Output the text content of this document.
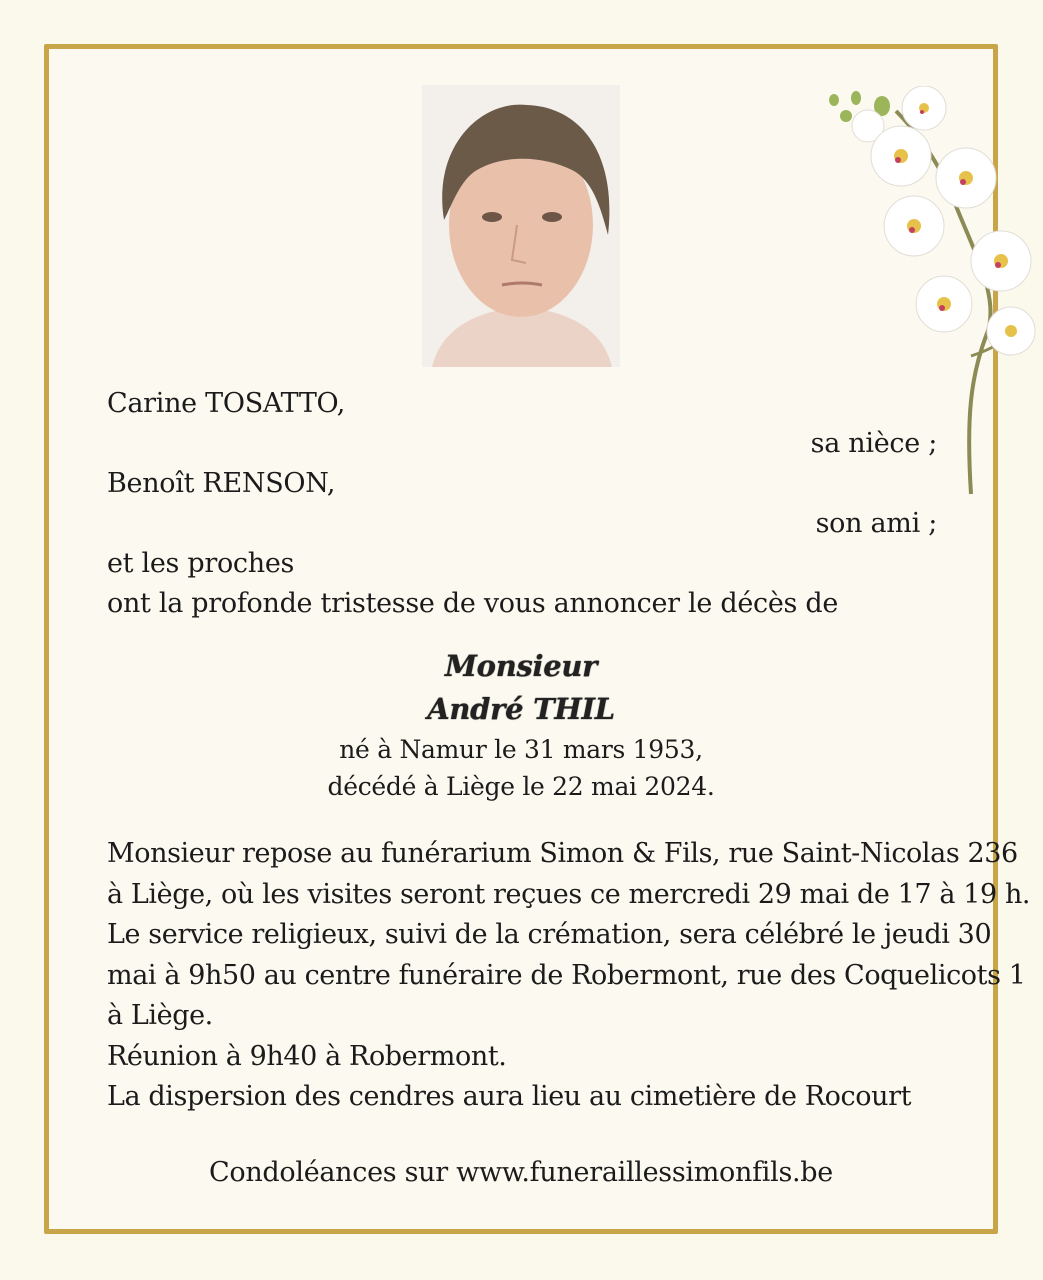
Carine TOSATTO,
sa nièce ;
Benoît RENSON,
son ami ;
et les proches
ont la profonde tristesse de vous annoncer le décès de
Monsieur
André THIL
né à Namur le 31 mars 1953,
décédé à Liège le 22 mai 2024.
Monsieur repose au funérarium Simon & Fils, rue Saint-Nicolas 236
à Liège, où les visites seront reçues ce mercredi 29 mai de 17 à 19 h.
Le service religieux, suivi de la crémation, sera célébré le jeudi 30
mai à 9h50 au centre funéraire de Robermont, rue des Coquelicots 1
à Liège.
Réunion à 9h40 à Robermont.
La dispersion des cendres aura lieu au cimetière de Rocourt
Condoléances sur www.funeraillessimonfils.be
